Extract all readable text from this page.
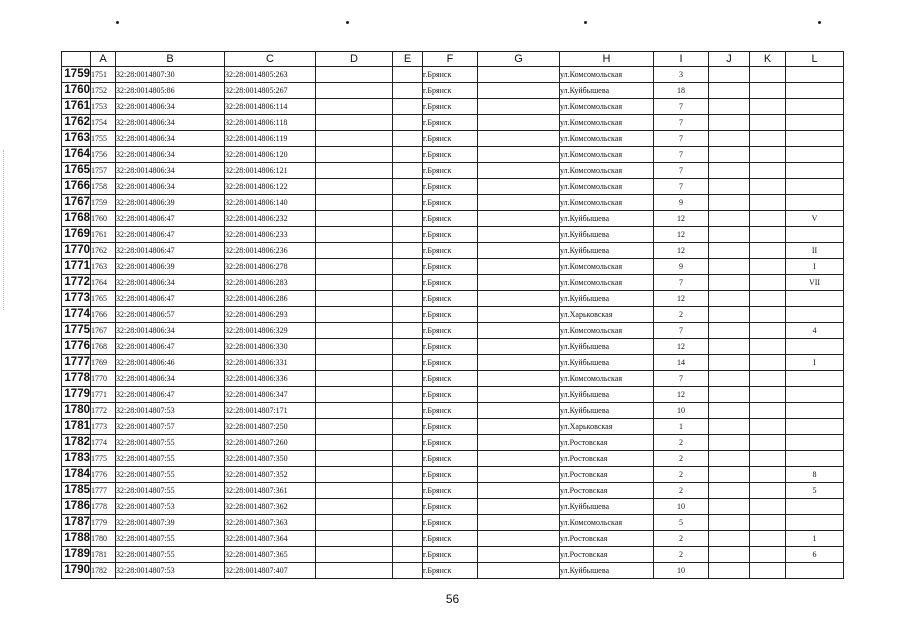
	A	B	C	D	E	F	G	H	I	J	K	L
1759	1751	32:28:0014807:30	32:28:0014805:263			г.Брянск		ул.Комсомольская	3			
1760	1752	32:28:0014805:86	32:28:0014805:267			г.Брянск		ул.Куйбышева	18			
1761	1753	32:28:0014806:34	32:28:0014806:114			г.Брянск		ул.Комсомольская	7			
1762	1754	32:28:0014806:34	32:28:0014806:118			г.Брянск		ул.Комсомольская	7			
1763	1755	32:28:0014806:34	32:28:0014806:119			г.Брянск		ул.Комсомольская	7			
1764	1756	32:28:0014806:34	32:28:0014806:120			г.Брянск		ул.Комсомольская	7			
1765	1757	32:28:0014806:34	32:28:0014806:121			г.Брянск		ул.Комсомольская	7			
1766	1758	32:28:0014806:34	32:28:0014806:122			г.Брянск		ул.Комсомольская	7			
1767	1759	32:28:0014806:39	32:28:0014806:140			г.Брянск		ул.Комсомольская	9			
1768	1760	32:28:0014806:47	32:28:0014806:232			г.Брянск		ул.Куйбышева	12			V
1769	1761	32:28:0014806:47	32:28:0014806:233			г.Брянск		ул.Куйбышева	12			
1770	1762	32:28:0014806:47	32:28:0014806:236			г.Брянск		ул.Куйбышева	12			II
1771	1763	32:28:0014806:39	32:28:0014806:278			г.Брянск		ул.Комсомольская	9			I
1772	1764	32:28:0014806:34	32:28:0014806:283			г.Брянск		ул.Комсомольская	7			VII
1773	1765	32:28:0014806:47	32:28:0014806:286			г.Брянск		ул.Куйбышева	12			
1774	1766	32:28:0014806:57	32:28:0014806:293			г.Брянск		ул.Харьковская	2			
1775	1767	32:28:0014806:34	32:28:0014806:329			г.Брянск		ул.Комсомольская	7			4
1776	1768	32:28:0014806:47	32:28:0014806:330			г.Брянск		ул.Куйбышева	12			
1777	1769	32:28:0014806:46	32:28:0014806:331			г.Брянск		ул.Куйбышева	14			I
1778	1770	32:28:0014806:34	32:28:0014806:336			г.Брянск		ул.Комсомольская	7			
1779	1771	32:28:0014806:47	32:28:0014806:347			г.Брянск		ул.Куйбышева	12			
1780	1772	32:28:0014807:53	32:28:0014807:171			г.Брянск		ул.Куйбышева	10			
1781	1773	32:28:0014807:57	32:28:0014807:250			г.Брянск		ул.Харьковская	1			
1782	1774	32:28:0014807:55	32:28:0014807:260			г.Брянск		ул.Ростовская	2			
1783	1775	32:28:0014807:55	32:28:0014807:350			г.Брянск		ул.Ростовская	2			
1784	1776	32:28:0014807:55	32:28:0014807:352			г.Брянск		ул.Ростовская	2			8
1785	1777	32:28:0014807:55	32:28:0014807:361			г.Брянск		ул.Ростовская	2			5
1786	1778	32:28:0014807:53	32:28:0014807:362			г.Брянск		ул.Куйбышева	10			
1787	1779	32:28:0014807:39	32:28:0014807:363			г.Брянск		ул.Комсомольская	5			
1788	1780	32:28:0014807:55	32:28:0014807:364			г.Брянск		ул.Ростовская	2			1
1789	1781	32:28:0014807:55	32:28:0014807:365			г.Брянск		ул.Ростовская	2			6
1790	1782	32:28:0014807:53	32:28:0014807:407			г.Брянск		ул.Куйбышева	10			
56
